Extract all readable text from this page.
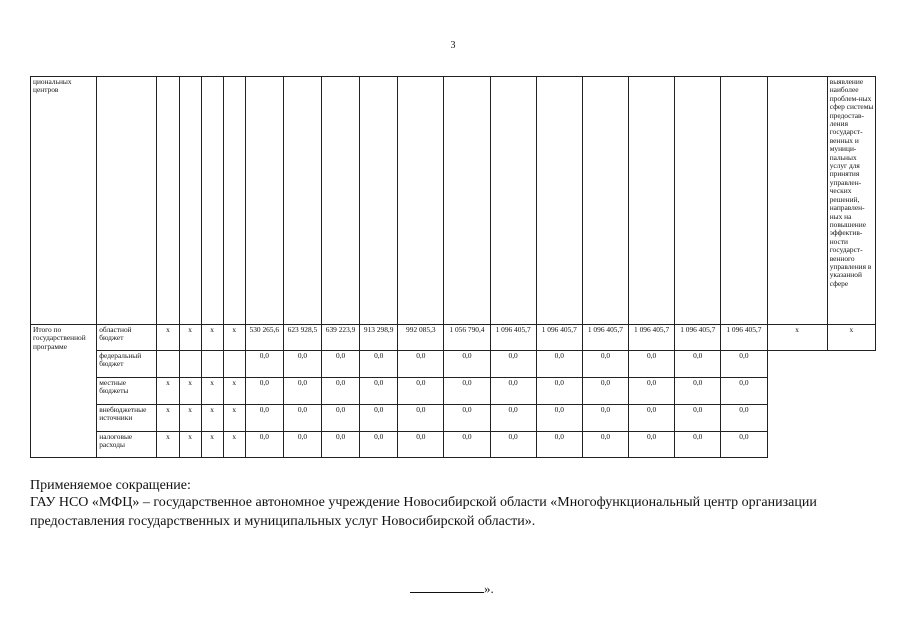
3
циональных центров																			выявление наиболее проблем-ных сфер системы предостав-ления государст-венных и муници-пальных услуг для принятия управлен-ческих решений, направлен-ных на повышение эффектив-ности государст-венного управления в указанной сфере
Итого по государственной программе	областной бюджет	x	x	x	x	530 265,6	623 928,5	639 223,9	913 298,9	992 085,3	1 056 790,4	1 096 405,7	1 096 405,7	1 096 405,7	1 096 405,7	1 096 405,7	1 096 405,7	x	x
	федеральный бюджет					0,0	0,0	0,0	0,0	0,0	0,0	0,0	0,0	0,0	0,0	0,0	0,0		
	местные бюджеты	x	x	x	x	0,0	0,0	0,0	0,0	0,0	0,0	0,0	0,0	0,0	0,0	0,0	0,0		
	внебюджетные источники	x	x	x	x	0,0	0,0	0,0	0,0	0,0	0,0	0,0	0,0	0,0	0,0	0,0	0,0		
	налоговые расходы	x	x	x	x	0,0	0,0	0,0	0,0	0,0	0,0	0,0	0,0	0,0	0,0	0,0	0,0		
Применяемое сокращение:
ГАУ НСО «МФЦ» – государственное автономное учреждение Новосибирской области «Многофункциональный центр организации предоставления государственных и муниципальных услуг Новосибирской области».
».
